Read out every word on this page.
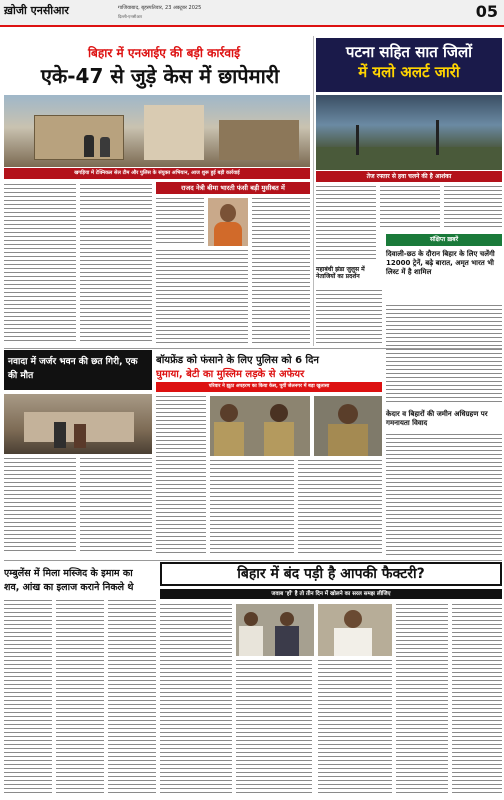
ख़ोजी एनसीआर	गाजियाबाद, बृहस्पतिवार, 23 अक्टूबर 2025
दिल्ली-एनसीआर	05
बिहार में एनआईए की बड़ी कार्रवाई
एके-47 से जुड़े केस में छापेमारी
खगड़िया में टेक्निकल सेल टीम और पुलिस के संयुक्त अभियान, आज शुरू हुई बड़ी कार्रवाई
राजद नेत्री बीमा भारती फंसी बड़ी मुसीबत में
पटना सहित सात जिलों
में यलो अलर्ट जारी
तेज रफ्तार से हवा चलने की है आशंका
महाबंधी झंडा जुलुस में नेताजियों का प्रदर्शन
संक्षिप्त ख़बरें
दिवाली-छठ के दौरान बिहार के लिए चलेंगी 12000 ट्रेनें, बढ़े बारात, अमृत भारत भी लिस्ट में है शामिल
केदार व बिहारों की जमीन अधिग्रहण पर गमनायता विवाद
नवादा में जर्जर भवन की छत गिरी, एक की मौत
बॉयफ्रेंड को फंसाने के लिए पुलिस को 6 दिन
घुमाया, बेटी का मुस्लिम लड़के से अफेयर
परिवार ने झूठा अपहरण का किया केस, पूर्वी जेलनगर में बड़ा खुलासा
एम्बुलेंस में मिला मस्जिद के इमाम का
शव, आंख का इलाज कराने निकले थे
बिहार में बंद पड़ी है आपकी फैक्टरी?
जवाब 'हाँ' है तो तीन दिन में खोलने का सरल समझ लीजिए
